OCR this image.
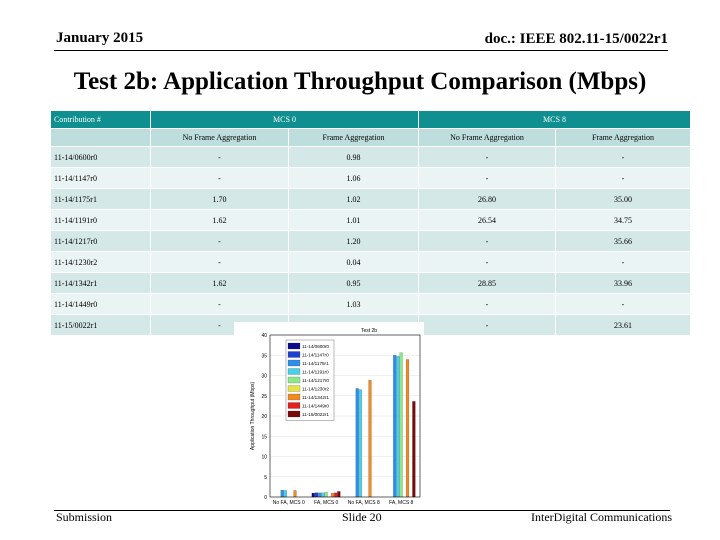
January 2015	doc.: IEEE 802.11-15/0022r1
Test 2b: Application Throughput Comparison (Mbps)
Contribution #	MCS 0		MCS 8	
	No Frame Aggregation	Frame Aggregation	No Frame Aggregation	Frame Aggregation
11-14/0600r0	-	0.98	-	-
11-14/1147r0	-	1.06	-	-
11-14/1175r1	1.70	1.02	26.80	35.00
11-14/1191r0	1.62	1.01	26.54	34.75
11-14/1217r0	-	1.20	-	35.66
11-14/1230r2	-	0.04	-	-
11-14/1342r1	1.62	0.95	28.85	33.96
11-14/1449r0	-	1.03	-	-
11-15/0022r1	-		-	23.61
Test 2b
Application Throughput (Mbps)
0
5
10
15
20
25
30
35
40
No FA, MCS 0 FA, MCS 0 No FA, MCS 8 FA, MCS 8
11-14/0600r0
11-14/1147r0
11-14/1175r1
11-14/1191r0
11-14/1217r0
11-14/1230r2
11-14/1342r1
11-14/1449r0
11-15/0022r1
Submission	Slide 20	InterDigital Communications
